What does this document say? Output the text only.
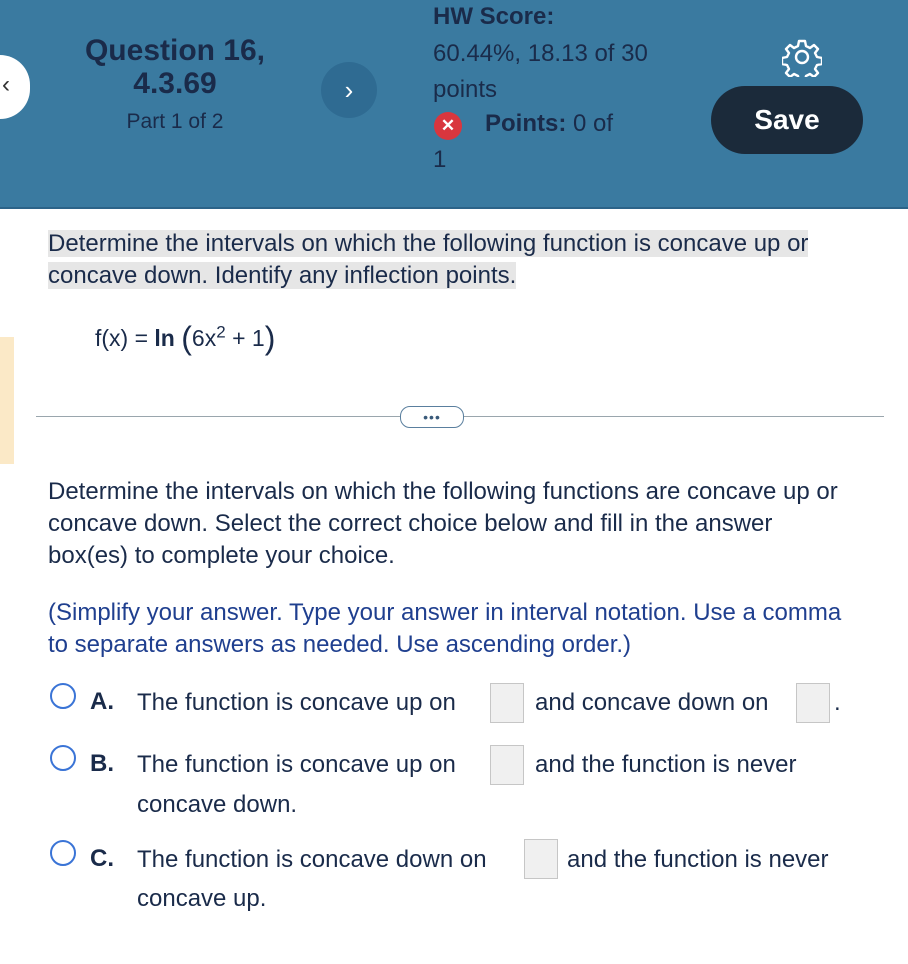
‹
Question 16, 4.3.69
Part 1 of 2
›
HW Score:
60.44%, 18.13 of 30 points
✕ Points: 0 of
1
Save
Determine the intervals on which the following function is concave up or concave down. Identify any inflection points.
$f(x) = \ln (6x^2 + 1)$
•••
Determine the intervals on which the following functions are concave up or concave down. Select the correct choice below and fill in the answer box(es) to complete your choice.
(Simplify your answer. Type your answer in interval notation. Use a comma to separate answers as needed. Use ascending order.)
A. The function is concave up on	and concave down on	.
B. The function is concave up on	and the function is never
concave down.
C. The function is concave down on	and the function is never
concave up.
